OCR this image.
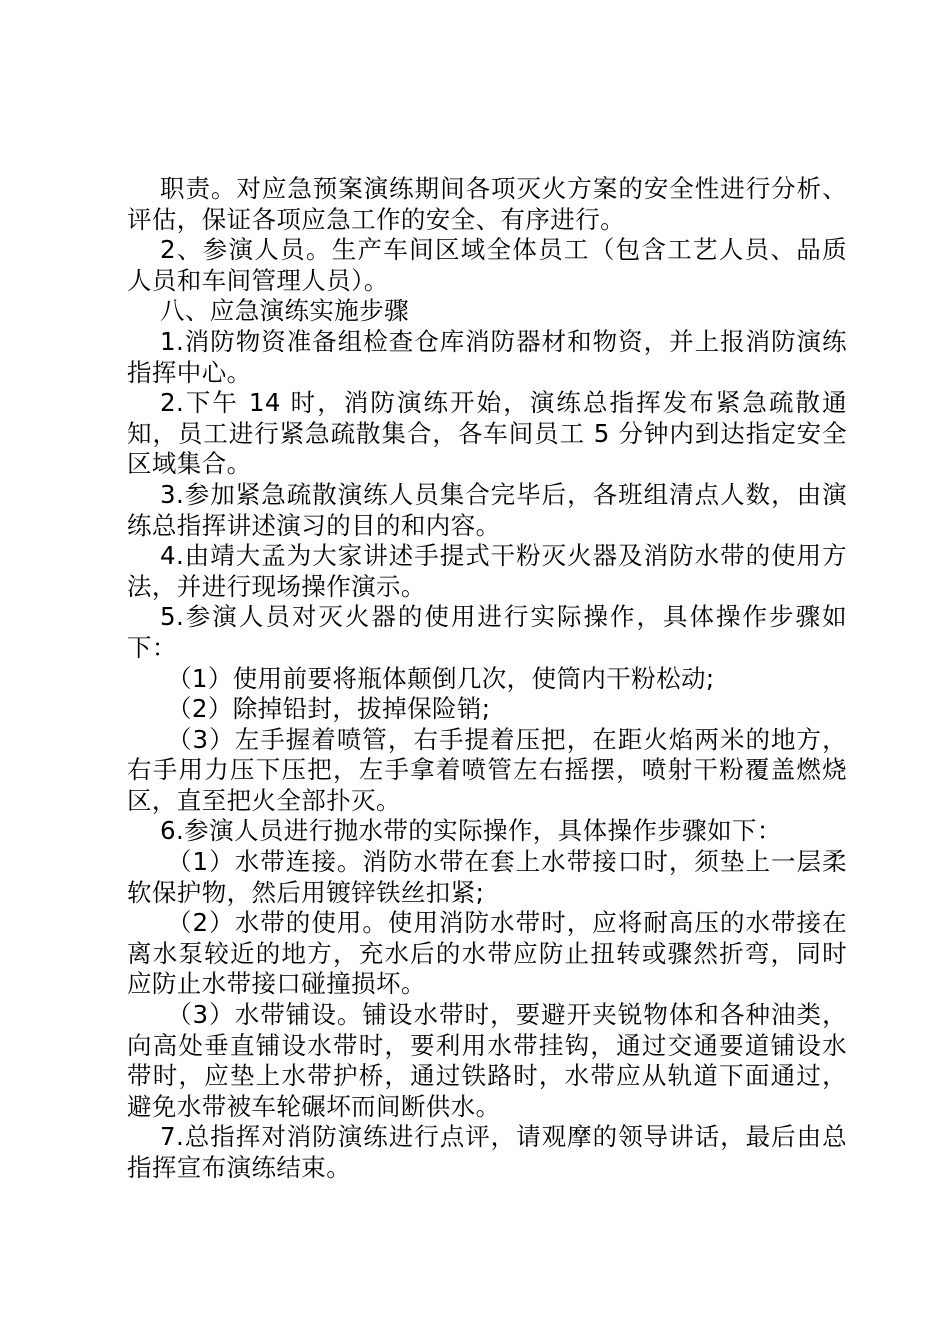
职责。对应急预案演练期间各项灭火方案的安全性进行分析、评估，保证各项应急工作的安全、有序进行。

2、参演人员。生产车间区域全体员工（包含工艺人员、品质人员和车间管理人员）。

八、应急演练实施步骤

1.消防物资准备组检查仓库消防器材和物资，并上报消防演练指挥中心。

2.下午 14 时，消防演练开始，演练总指挥发布紧急疏散通知，员工进行紧急疏散集合，各车间员工 5 分钟内到达指定安全区域集合。

3.参加紧急疏散演练人员集合完毕后，各班组清点人数，由演练总指挥讲述演习的目的和内容。

4.由靖大孟为大家讲述手提式干粉灭火器及消防水带的使用方法，并进行现场操作演示。

5.参演人员对灭火器的使用进行实际操作，具体操作步骤如下：

（1）使用前要将瓶体颠倒几次，使筒内干粉松动;

（2）除掉铅封，拔掉保险销;

（3）左手握着喷管，右手提着压把，在距火焰两米的地方，右手用力压下压把，左手拿着喷管左右摇摆，喷射干粉覆盖燃烧区，直至把火全部扑灭。

6.参演人员进行抛水带的实际操作，具体操作步骤如下：

（1）水带连接。消防水带在套上水带接口时，须垫上一层柔软保护物，然后用镀锌铁丝扣紧;

（2）水带的使用。使用消防水带时，应将耐高压的水带接在离水泵较近的地方，充水后的水带应防止扭转或骤然折弯，同时应防止水带接口碰撞损坏。

（3）水带铺设。铺设水带时，要避开夹锐物体和各种油类，向高处垂直铺设水带时，要利用水带挂钩，通过交通要道铺设水带时，应垫上水带护桥，通过铁路时，水带应从轨道下面通过，避免水带被车轮碾坏而间断供水。

7.总指挥对消防演练进行点评，请观摩的领导讲话，最后由总指挥宣布演练结束。
